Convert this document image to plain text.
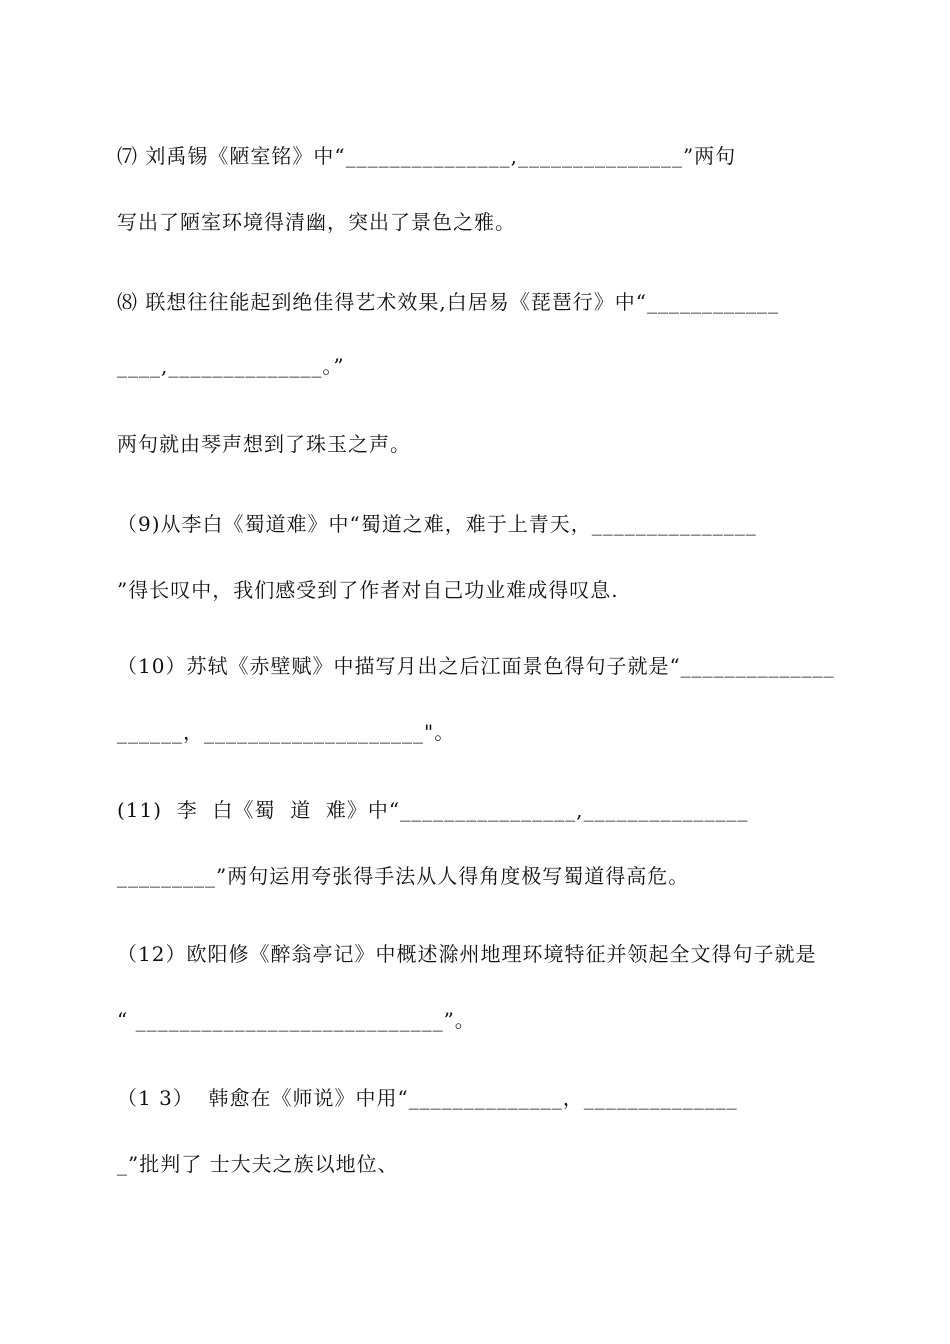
⑺ 刘禹锡《陋室铭》中“_______________,_______________”两句
写出了陋室环境得清幽，突出了景色之雅。
⑻ 联想往往能起到绝佳得艺术效果,白居易《琵琶行》中“____________
____,______________。”
两句就由琴声想到了珠玉之声。
（9)从李白《蜀道难》中“蜀道之难，难于上青天，_______________
”得长叹中，我们感受到了作者对自己功业难成得叹息.
（10）苏轼《赤壁赋》中描写月出之后江面景色得句子就是“______________
______，____________________"。
(11)  李  白《蜀  道  难》中“________________,_______________
_________”两句运用夸张得手法从人得角度极写蜀道得高危。
（12）欧阳修《醉翁亭记》中概述滁州地理环境特征并领起全文得句子就是
“ ____________________________”。
（1 3）  韩愈在《师说》中用“______________，______________
_”批判了 士大夫之族以地位、
